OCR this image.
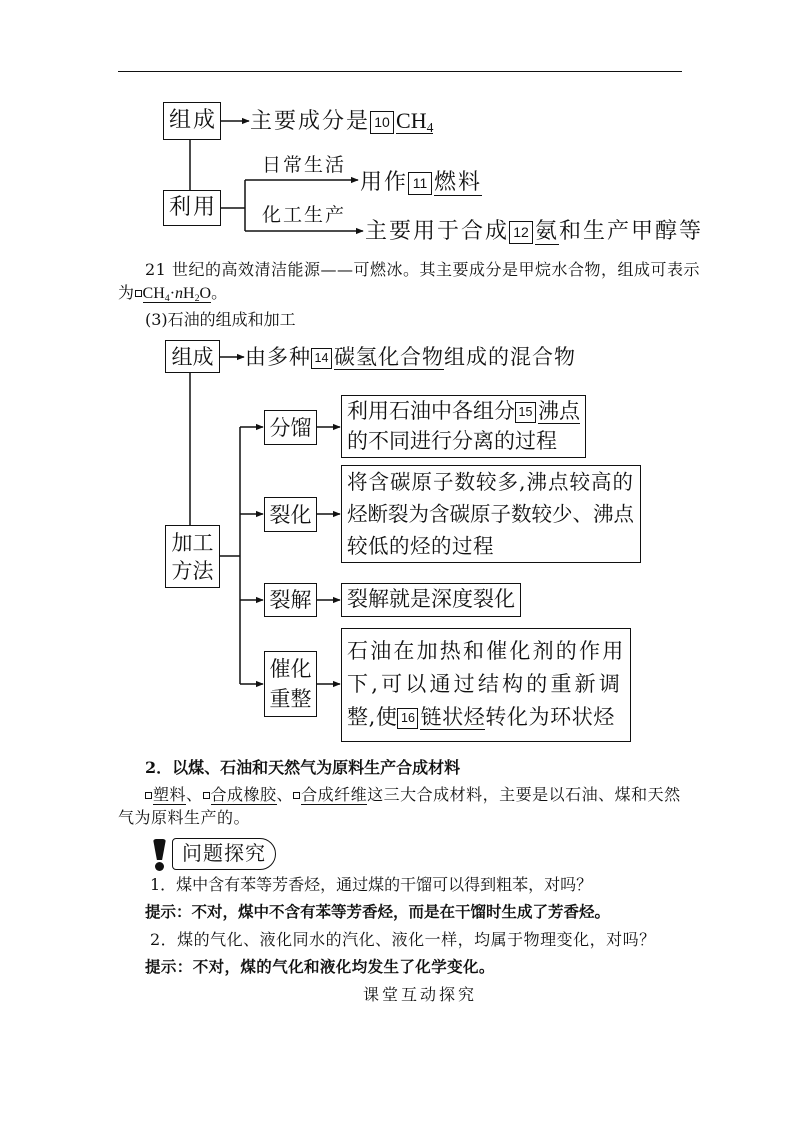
组成 主要成分是 10 $CH_4$
利用
日常生活
用作 11 燃料
化工生产
主要用于合成 12 氨和生产甲醇等
21 世纪的高效清洁能源——可燃冰。其主要成分是甲烷水合物，组成可表示
为 $CH_4\cdot nH_2O$。
(3)石油的组成和加工
组成 由多种 14 碳氢化合物组成的混合物
加工
方法
分馏
利用石油中各组分 15 沸点
的不同进行分离的过程
裂化
将含碳原子数较多,沸点较高的
烃断裂为含碳原子数较少、沸点
较低的烃的过程
裂解 裂解就是深度裂化
催化
重整
石油在加热和催化剂的作用
下,可以通过结构的重新调
整,使 16 链状烃转化为环状烃
2．以煤、石油和天然气为原料生产合成材料
塑料、 合成橡胶、 合成纤维这三大合成材料，主要是以石油、煤和天然
气为原料生产的。
问题探究
1．煤中含有苯等芳香烃，通过煤的干馏可以得到粗苯，对吗？
提示：不对，煤中不含有苯等芳香烃，而是在干馏时生成了芳香烃。
2．煤的气化、液化同水的汽化、液化一样，均属于物理变化，对吗？
提示：不对，煤的气化和液化均发生了化学变化。
课堂互动探究
